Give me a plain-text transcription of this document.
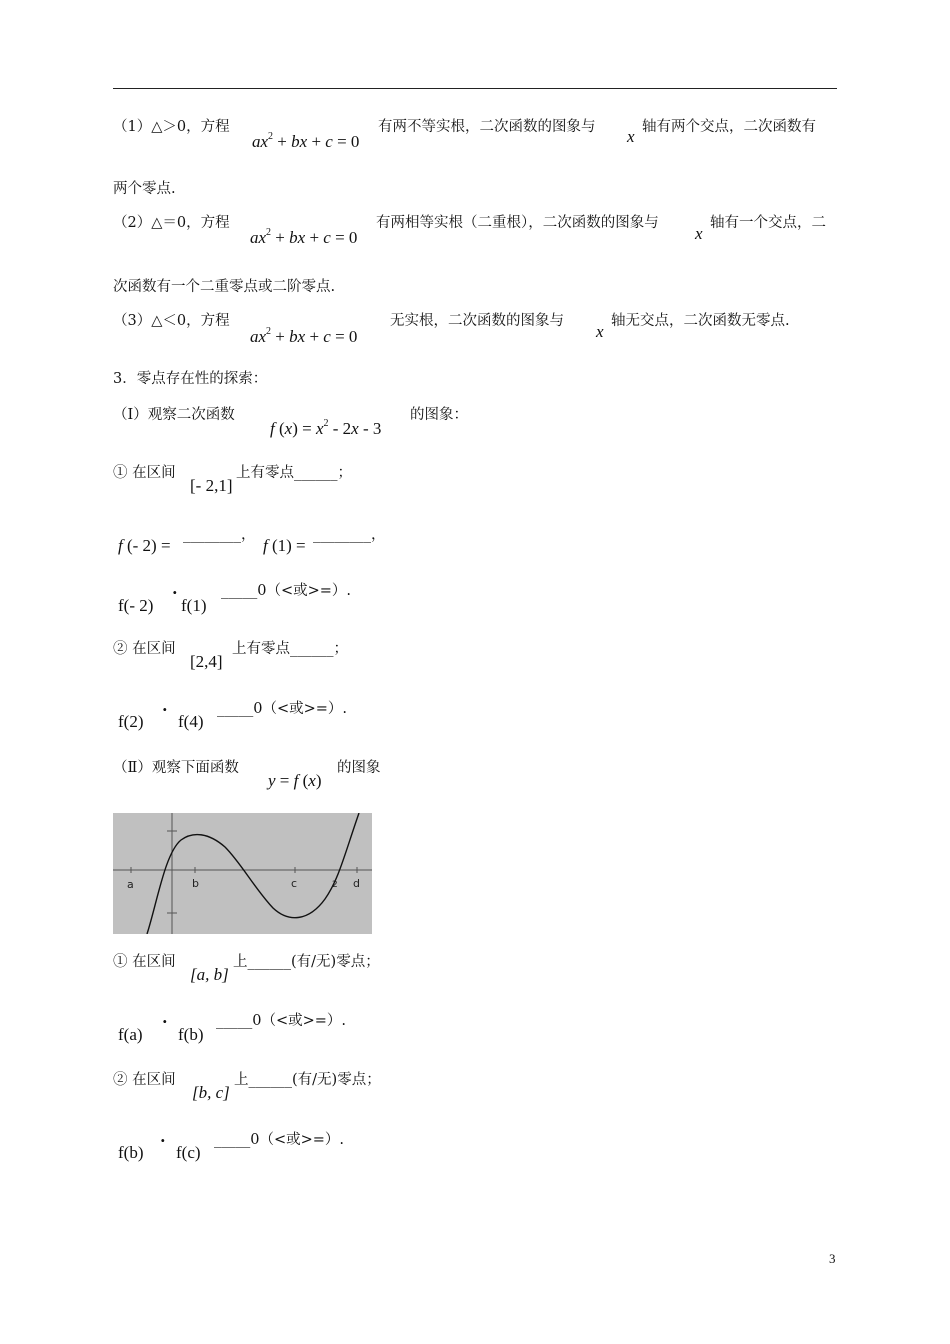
（1）△＞0，方程
$ax^2$ + bx + c = 0
有两不等实根，二次函数的图象与 x 轴有两个交点，二次函数有
两个零点.
（2）△＝0，方程
$ax^2$ + bx + c = 0
有两相等实根（二重根），二次函数的图象与
x
轴有一个交点，二
次函数有一个二重零点或二阶零点.
（3）△＜0，方程
$ax^2$ + bx + c = 0
无实根，二次函数的图象与
x
轴无交点，二次函数无零点.
3．零点存在性的探索：
（Ⅰ）观察二次函数
f $(x) = x^2 - 2x - 3$
的图象：
① 在区间
[- 2,1]
上有零点______；
f (- 2) =
________，
f (1) =
________，
f(- 2)
·
f(1)
_____0（<或>=）.
② 在区间
[2,4]
上有零点______；
f(2)
·
f(4)
_____0（<或>=）.
（Ⅱ）观察下面函数
y = f (x)
的图象
a	b	c	2 d
① 在区间
[a, b]
上______(有/无)零点；
f(a)
·
f(b)
_____0（<或>=）.
② 在区间
[b, c]
上______(有/无)零点；
f(b)
·
f(c)
_____0（<或>=）.
3
